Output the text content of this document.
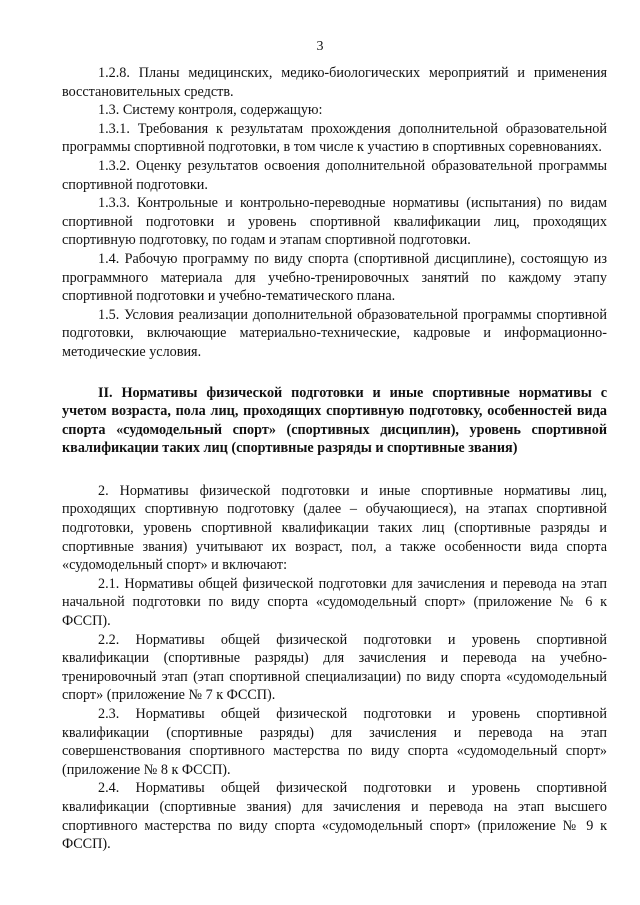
3

1.2.8. Планы медицинских, медико-биологических мероприятий и применения восстановительных средств.

1.3. Систему контроля, содержащую:

1.3.1. Требования к результатам прохождения дополнительной образовательной программы спортивной подготовки, в том числе к участию в спортивных соревнованиях.

1.3.2. Оценку результатов освоения дополнительной образовательной программы спортивной подготовки.

1.3.3. Контрольные и контрольно-переводные нормативы (испытания) по видам спортивной подготовки и уровень спортивной квалификации лиц, проходящих спортивную подготовку, по годам и этапам спортивной подготовки.

1.4. Рабочую программу по виду спорта (спортивной дисциплине), состоящую из программного материала для учебно-тренировочных занятий по каждому этапу спортивной подготовки и учебно-тематического плана.

1.5. Условия реализации дополнительной образовательной программы спортивной подготовки, включающие материально-технические, кадровые и информационно-методические условия.

II. Нормативы физической подготовки и иные спортивные нормативы с учетом возраста, пола лиц, проходящих спортивную подготовку, особенностей вида спорта «судомодельный спорт» (спортивных дисциплин), уровень спортивной квалификации таких лиц (спортивные разряды и спортивные звания)

2. Нормативы физической подготовки и иные спортивные нормативы лиц, проходящих спортивную подготовку (далее – обучающиеся), на этапах спортивной подготовки, уровень спортивной квалификации таких лиц (спортивные разряды и спортивные звания) учитывают их возраст, пол, а также особенности вида спорта «судомодельный спорт» и включают:

2.1. Нормативы общей физической подготовки для зачисления и перевода на этап начальной подготовки по виду спорта «судомодельный спорт» (приложение № 6 к ФССП).

2.2. Нормативы общей физической подготовки и уровень спортивной квалификации (спортивные разряды) для зачисления и перевода на учебно-тренировочный этап (этап спортивной специализации) по виду спорта «судомодельный спорт» (приложение № 7 к ФССП).

2.3. Нормативы общей физической подготовки и уровень спортивной квалификации (спортивные разряды) для зачисления и перевода на этап совершенствования спортивного мастерства по виду спорта «судомодельный спорт» (приложение № 8 к ФССП).

2.4. Нормативы общей физической подготовки и уровень спортивной квалификации (спортивные звания) для зачисления и перевода на этап высшего спортивного мастерства по виду спорта «судомодельный спорт» (приложение № 9 к ФССП).
